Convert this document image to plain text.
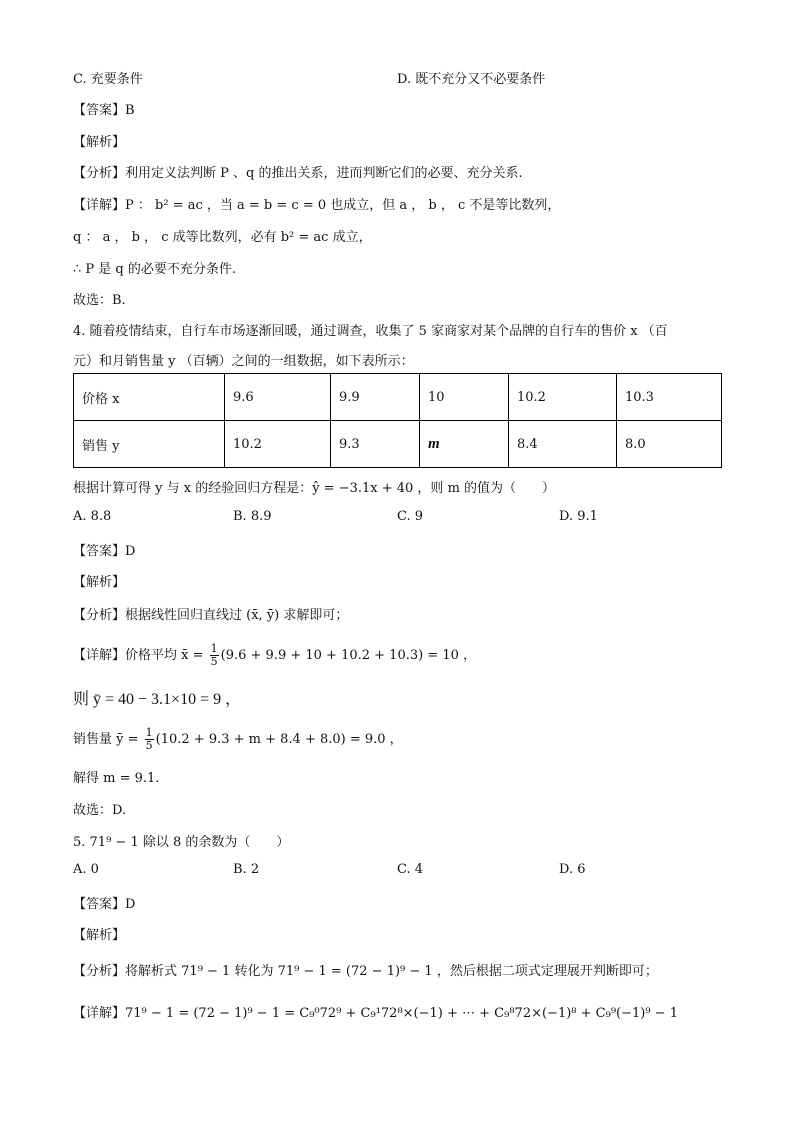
C. 充要条件	D. 既不充分又不必要条件
【答案】B
【解析】
【分析】利用定义法判断 P 、q 的推出关系，进而判断它们的必要、充分关系.
【详解】P ： b² = ac ，当 a = b = c = 0 也成立，但 a ， b ， c 不是等比数列，
q ： a ， b ， c 成等比数列，必有 b² = ac 成立，
∴ P 是 q 的必要不充分条件.
故选：B.
4. 随着疫情结束，自行车市场逐渐回暖，通过调查，收集了 5 家商家对某个品牌的自行车的售价 x （百
元）和月销售量 y （百辆）之间的一组数据，如下表所示：
价格 x	9.6	9.9	10	10.2	10.3
销售 y	10.2	9.3	m	8.4	8.0
根据计算可得 y 与 x 的经验回归方程是：ŷ = −3.1x + 40 ，则 m 的值为（　　）
A. 8.8	B. 8.9	C. 9	D. 9.1
【答案】D
【解析】
【分析】根据线性回归直线过 (x̄, ȳ) 求解即可；
【详解】价格平均 x̄ = $\frac{1}{5} (9.6 + 9.9 + 10 + 10.2 + 10.3) = 10$ ，
则 ȳ = 40 − 3.1×10 = 9 ，
销售量 ȳ = $\frac{1}{5} (10.2 + 9.3 + m + 8.4 + 8.0) = 9.0$ ，
解得 m = 9.1.
故选：D.
5. 71⁹ − 1 除以 8 的余数为（　　）
A. 0	B. 2	C. 4	D. 6
【答案】D
【解析】
【分析】将解析式 71⁹ − 1 转化为 71⁹ − 1 = (72 − 1)⁹ − 1 ，然后根据二项式定理展开判断即可；
【详解】71⁹ − 1 = (72 − 1)⁹ − 1 = C₉⁰72⁹ + C₉¹72⁸×(−1) + ⋯ + C₉⁸72×(−1)⁸ + C₉⁹(−1)⁹ − 1
